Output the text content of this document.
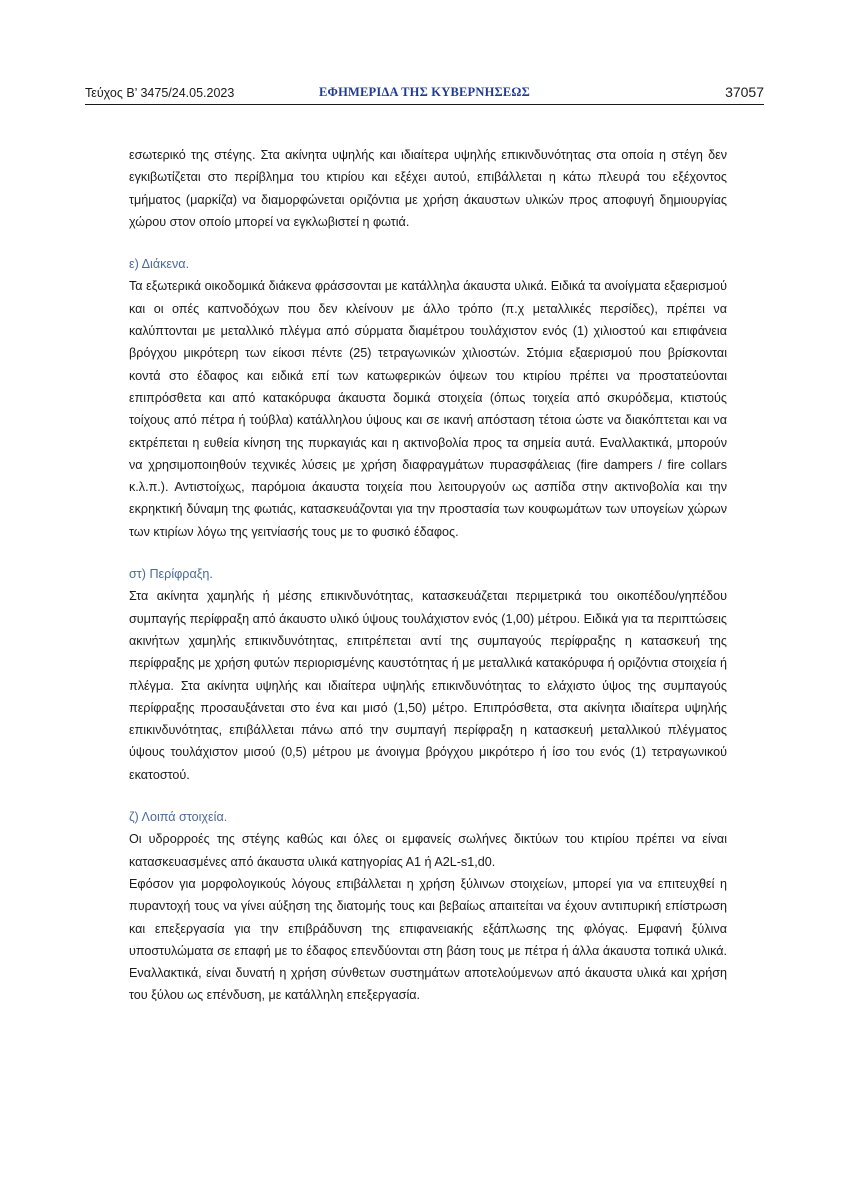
Τεύχος Β’ 3475/24.05.2023	ΕΦΗΜΕΡΙΔΑ ΤΗΣ ΚΥΒΕΡΝΗΣΕΩΣ	37057

εσωτερικό της στέγης. Στα ακίνητα υψηλής και ιδιαίτερα υψηλής επικινδυνότητας στα οποία η στέγη δεν εγκιβωτίζεται στο περίβλημα του κτιρίου και εξέχει αυτού, επιβάλλεται η κάτω πλευρά του εξέχοντος τμήματος (μαρκίζα) να διαμορφώνεται οριζόντια με χρήση άκαυστων υλικών προς αποφυγή δημιουργίας χώρου στον οποίο μπορεί να εγκλωβιστεί η φωτιά.

ε) Διάκενα.

Τα εξωτερικά οικοδομικά διάκενα φράσσονται με κατάλληλα άκαυστα υλικά. Ειδικά τα ανοίγματα εξαερισμού και οι οπές καπνοδόχων που δεν κλείνουν με άλλο τρόπο (π.χ μεταλλικές περσίδες), πρέπει να καλύπτονται με μεταλλικό πλέγμα από σύρματα διαμέτρου τουλάχιστον ενός (1) χιλιοστού και επιφάνεια βρόγχου μικρότερη των είκοσι πέντε (25) τετραγωνικών χιλιοστών. Στόμια εξαερισμού που βρίσκονται κοντά στο έδαφος και ειδικά επί των κατωφερικών όψεων του κτιρίου πρέπει να προστατεύονται επιπρόσθετα και από κατακόρυφα άκαυστα δομικά στοιχεία (όπως τοιχεία από σκυρόδεμα, κτιστούς τοίχους από πέτρα ή τούβλα) κατάλληλου ύψους και σε ικανή απόσταση τέτοια ώστε να διακόπτεται και να εκτρέπεται η ευθεία κίνηση της πυρκαγιάς και η ακτινοβολία προς τα σημεία αυτά. Εναλλακτικά, μπορούν να χρησιμοποιηθούν τεχνικές λύσεις με χρήση διαφραγμάτων πυρασφάλειας (fire dampers / fire collars κ.λ.π.). Αντιστοίχως, παρόμοια άκαυστα τοιχεία που λειτουργούν ως ασπίδα στην ακτινοβολία και την εκρηκτική δύναμη της φωτιάς, κατασκευάζονται για την προστασία των κουφωμάτων των υπογείων χώρων των κτιρίων λόγω της γειτνίασής τους με το φυσικό έδαφος.

στ) Περίφραξη.

Στα ακίνητα χαμηλής ή μέσης επικινδυνότητας, κατασκευάζεται περιμετρικά του οικοπέδου/γηπέδου συμπαγής περίφραξη από άκαυστο υλικό ύψους τουλάχιστον ενός (1,00) μέτρου. Ειδικά για τα περιπτώσεις ακινήτων χαμηλής επικινδυνότητας, επιτρέπεται αντί της συμπαγούς περίφραξης η κατασκευή της περίφραξης με χρήση φυτών περιορισμένης καυστότητας ή με μεταλλικά κατακόρυφα ή οριζόντια στοιχεία ή πλέγμα. Στα ακίνητα υψηλής και ιδιαίτερα υψηλής επικινδυνότητας το ελάχιστο ύψος της συμπαγούς περίφραξης προσαυξάνεται στο ένα και μισό (1,50) μέτρο. Επιπρόσθετα, στα ακίνητα ιδιαίτερα υψηλής επικινδυνότητας, επιβάλλεται πάνω από την συμπαγή περίφραξη η κατασκευή μεταλλικού πλέγματος ύψους τουλάχιστον μισού (0,5) μέτρου με άνοιγμα βρόγχου μικρότερο ή ίσο του ενός (1) τετραγωνικού εκατοστού.

ζ) Λοιπά στοιχεία.

Οι υδρορροές της στέγης καθώς και όλες οι εμφανείς σωλήνες δικτύων του κτιρίου πρέπει να είναι κατασκευασμένες από άκαυστα υλικά κατηγορίας Α1 ή Α2L-s1,d0.

Εφόσον για μορφολογικούς λόγους επιβάλλεται η χρήση ξύλινων στοιχείων, μπορεί για να επιτευχθεί η πυραντοχή τους να γίνει αύξηση της διατομής τους και βεβαίως απαιτείται να έχουν αντιπυρική επίστρωση και επεξεργασία για την επιβράδυνση της επιφανειακής εξάπλωσης της φλόγας. Εμφανή ξύλινα υποστυλώματα σε επαφή με το έδαφος επενδύονται στη βάση τους με πέτρα ή άλλα άκαυστα τοπικά υλικά. Εναλλακτικά, είναι δυνατή η χρήση σύνθετων συστημάτων αποτελούμενων από άκαυστα υλικά και χρήση του ξύλου ως επένδυση, με κατάλληλη επεξεργασία.
